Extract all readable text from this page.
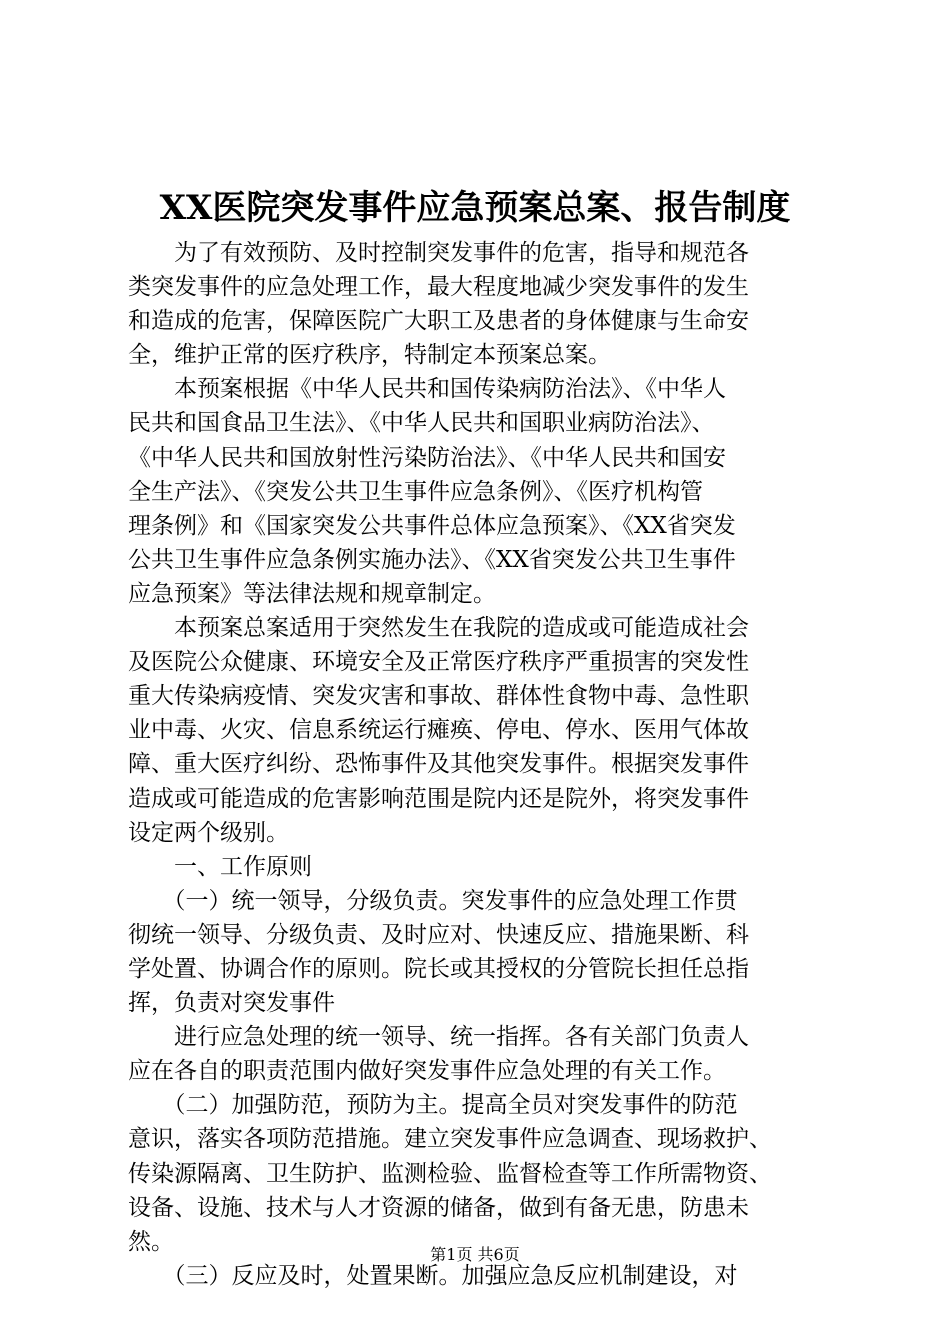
XX医院突发事件应急预案总案、报告制度
　　为了有效预防、及时控制突发事件的危害，指导和规范各
类突发事件的应急处理工作，最大程度地减少突发事件的发生
和造成的危害，保障医院广大职工及患者的身体健康与生命安
全，维护正常的医疗秩序，特制定本预案总案。
　　本预案根据《中华人民共和国传染病防治法》、《中华人
民共和国食品卫生法》、《中华人民共和国职业病防治法》、
《中华人民共和国放射性污染防治法》、《中华人民共和国安
全生产法》、《突发公共卫生事件应急条例》、《医疗机构管
理条例》和《国家突发公共事件总体应急预案》、《XX省突发
公共卫生事件应急条例实施办法》、《XX省突发公共卫生事件
应急预案》等法律法规和规章制定。
　　本预案总案适用于突然发生在我院的造成或可能造成社会
及医院公众健康、环境安全及正常医疗秩序严重损害的突发性
重大传染病疫情、突发灾害和事故、群体性食物中毒、急性职
业中毒、火灾、信息系统运行瘫痪、停电、停水、医用气体故
障、重大医疗纠纷、恐怖事件及其他突发事件。根据突发事件
造成或可能造成的危害影响范围是院内还是院外，将突发事件
设定两个级别。
　　一、工作原则
　　（一）统一领导，分级负责。突发事件的应急处理工作贯
彻统一领导、分级负责、及时应对、快速反应、措施果断、科
学处置、协调合作的原则。院长或其授权的分管院长担任总指
挥，负责对突发事件
　　进行应急处理的统一领导、统一指挥。各有关部门负责人
应在各自的职责范围内做好突发事件应急处理的有关工作。
　　（二）加强防范，预防为主。提高全员对突发事件的防范
意识，落实各项防范措施。建立突发事件应急调查、现场救护、
传染源隔离、卫生防护、监测检验、监督检查等工作所需物资、
设备、设施、技术与人才资源的储备，做到有备无患，防患未
然。
　　（三）反应及时，处置果断。加强应急反应机制建设，对
第1页 共6页
